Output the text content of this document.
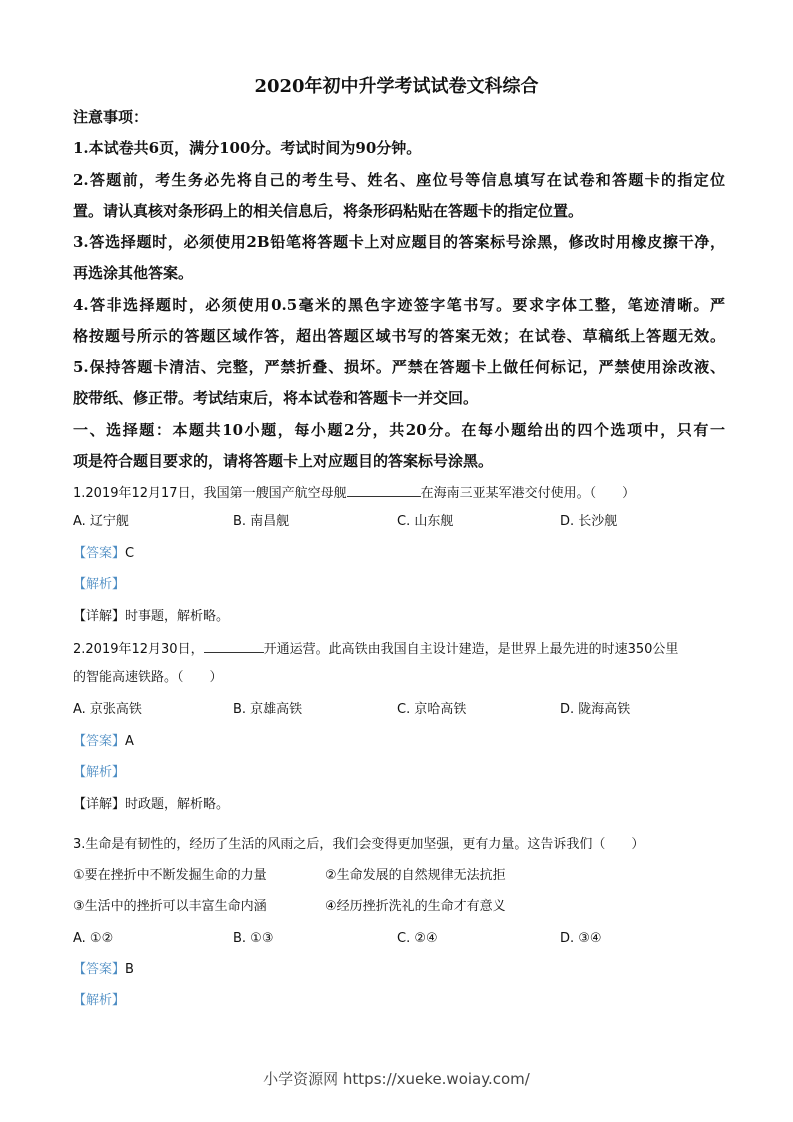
2020年初中升学考试试卷文科综合
注意事项：
1.本试卷共6页，满分100分。考试时间为90分钟。
2.答题前，考生务必先将自己的考生号、姓名、座位号等信息填写在试卷和答题卡的指定位
置。请认真核对条形码上的相关信息后，将条形码粘贴在答题卡的指定位置。
3.答选择题时，必须使用2B铅笔将答题卡上对应题目的答案标号涂黑，修改时用橡皮擦干净，
再选涂其他答案。
4.答非选择题时，必须使用0.5毫米的黑色字迹签字笔书写。要求字体工整，笔迹清晰。严
格按题号所示的答题区域作答，超出答题区域书写的答案无效；在试卷、草稿纸上答题无效。
5.保持答题卡清洁、完整，严禁折叠、损坏。严禁在答题卡上做任何标记，严禁使用涂改液、
胶带纸、修正带。考试结束后，将本试卷和答题卡一并交回。
一、选择题：本题共10小题，每小题2分，共20分。在每小题给出的四个选项中，只有一
项是符合题目要求的，请将答题卡上对应题目的答案标号涂黑。
1.2019年12月17日，我国第一艘国产航空母舰	在海南三亚某军港交付使用。（　　）
A. 辽宁舰	B. 南昌舰	C. 山东舰	D. 长沙舰
【答案】C
【解析】
【详解】时事题，解析略。
2.2019年12月30日，	开通运营。此高铁由我国自主设计建造，是世界上最先进的时速350公里
的智能高速铁路。（　　）
A. 京张高铁	B. 京雄高铁	C. 京哈高铁	D. 陇海高铁
【答案】A
【解析】
【详解】时政题，解析略。
3.生命是有韧性的，经历了生活的风雨之后，我们会变得更加坚强，更有力量。这告诉我们（　　）
①要在挫折中不断发掘生命的力量	②生命发展的自然规律无法抗拒
③生活中的挫折可以丰富生命内涵	④经历挫折洗礼的生命才有意义
A. ①②	B. ①③	C. ②④	D. ③④
【答案】B
【解析】
小学资源网 https://xueke.woiay.com/
